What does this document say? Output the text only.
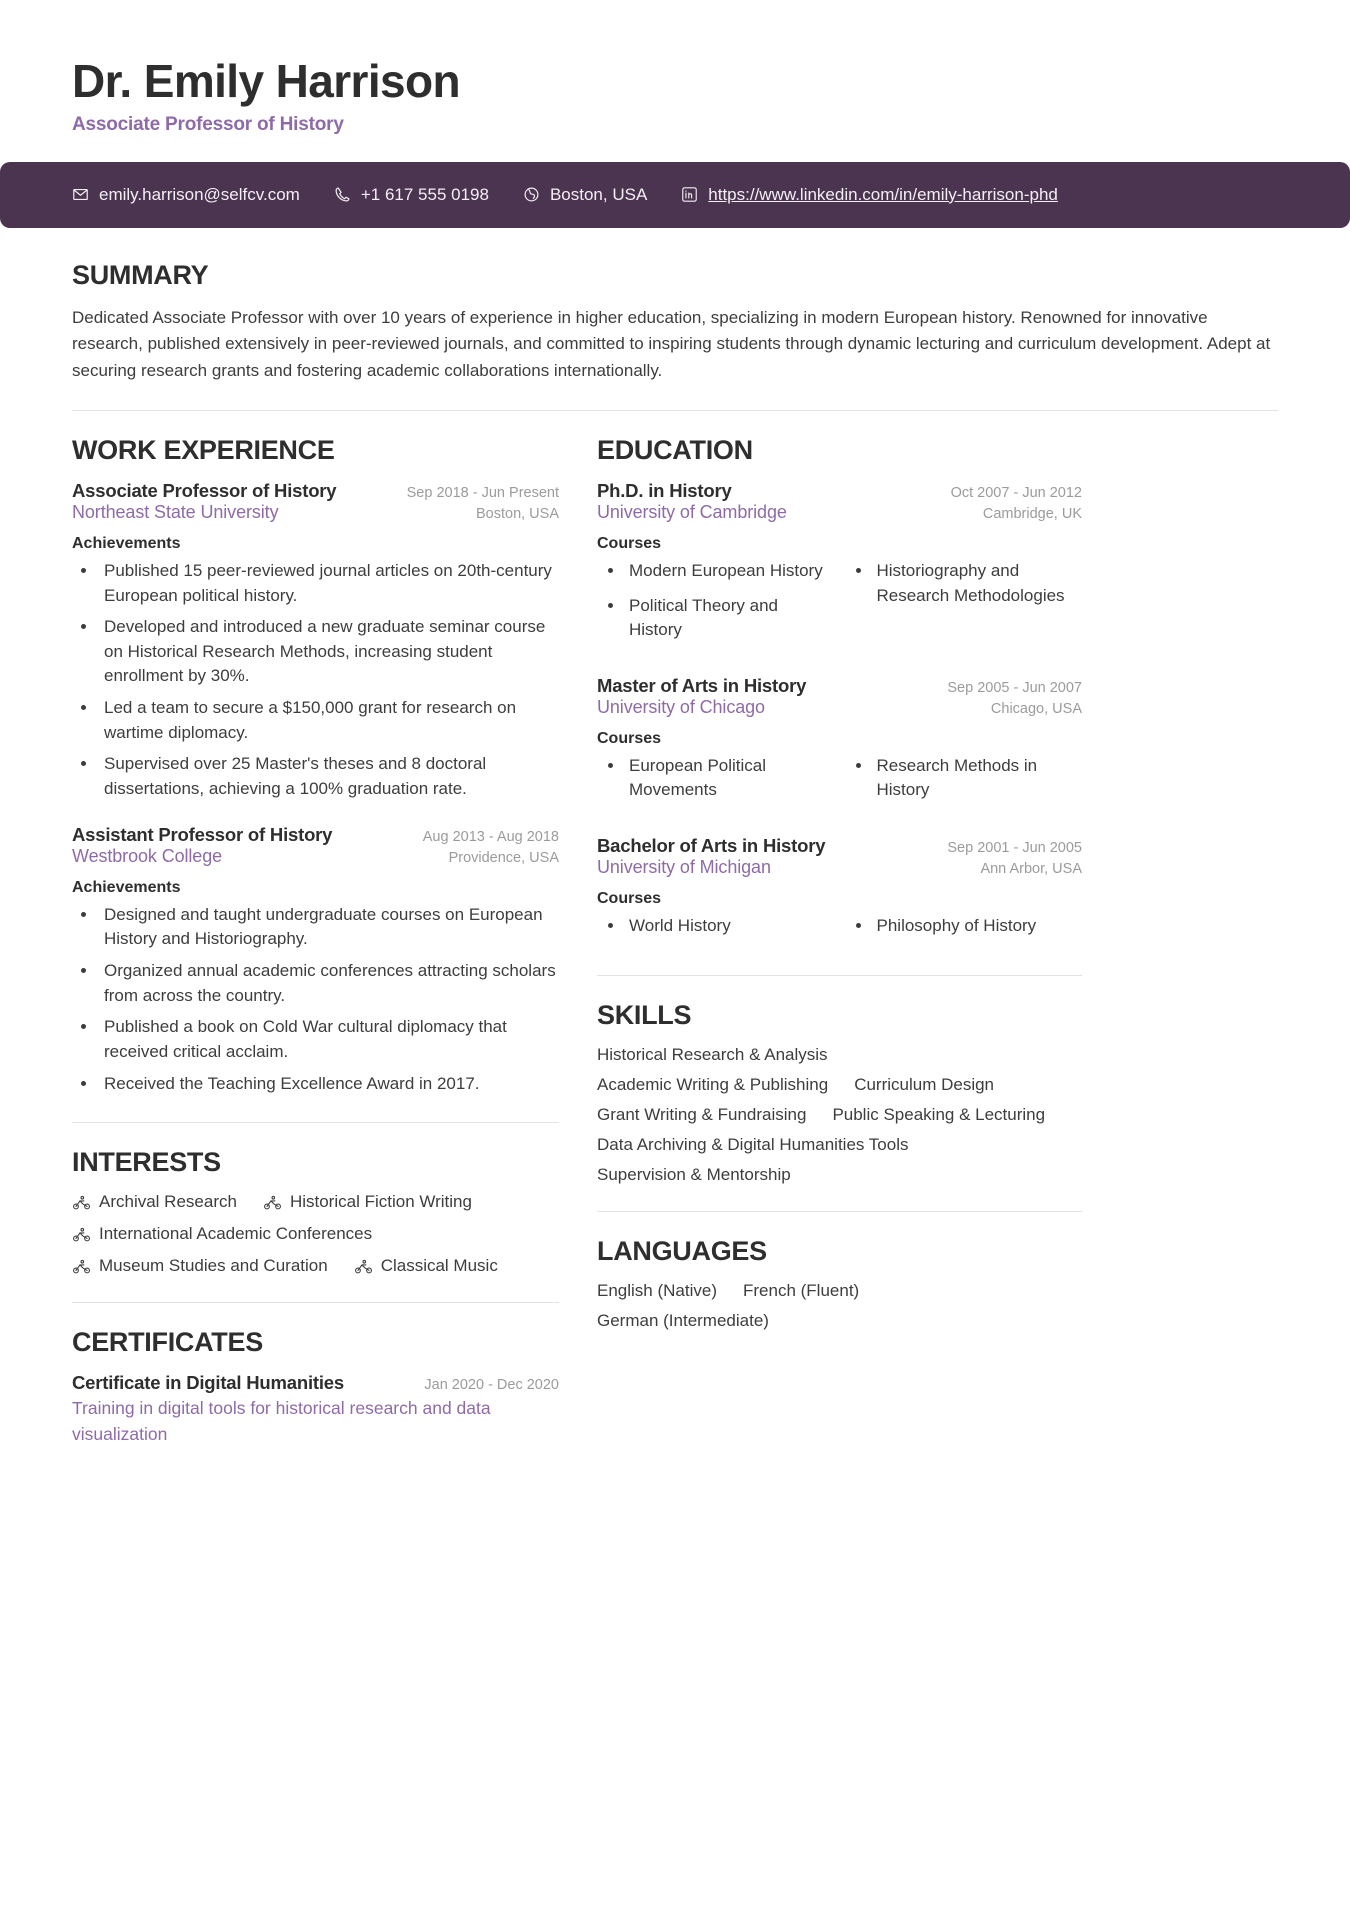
Dr. Emily Harrison

Associate Professor of History

emily.harrison@selfcv.com	+1 617 555 0198	Boston, USA	https://www.linkedin.com/in/emily-harrison-phd
SUMMARY

Dedicated Associate Professor with over 10 years of experience in higher education, specializing in modern European history. Renowned for innovative research, published extensively in peer-reviewed journals, and committed to inspiring students through dynamic lecturing and curriculum development. Adept at securing research grants and fostering academic collaborations internationally.

WORK EXPERIENCE
Associate Professor of History	Sep 2018 - Jun Present
Northeast State University	Boston, USA
Achievements
• Published 15 peer-reviewed journal articles on 20th-century European political history.
• Developed and introduced a new graduate seminar course on Historical Research Methods, increasing student enrollment by 30%.
• Led a team to secure a $150,000 grant for research on wartime diplomacy.
• Supervised over 25 Master's theses and 8 doctoral dissertations, achieving a 100% graduation rate.
Assistant Professor of History	Aug 2013 - Aug 2018
Westbrook College	Providence, USA
Achievements
• Designed and taught undergraduate courses on European History and Historiography.
• Organized annual academic conferences attracting scholars from across the country.
• Published a book on Cold War cultural diplomacy that received critical acclaim.
• Received the Teaching Excellence Award in 2017.
INTERESTS
Archival Research	Historical Fiction Writing
International Academic Conferences
Museum Studies and Curation	Classical Music
CERTIFICATES
Certificate in Digital Humanities	Jan 2020 - Dec 2020
Training in digital tools for historical research and data visualization
EDUCATION
Ph.D. in History	Oct 2007 - Jun 2012
University of Cambridge	Cambridge, UK
Courses
• Modern European History
• Political Theory and History
• Historiography and Research Methodologies
Master of Arts in History	Sep 2005 - Jun 2007
University of Chicago	Chicago, USA
Courses
• European Political Movements
• Research Methods in History
Bachelor of Arts in History	Sep 2001 - Jun 2005
University of Michigan	Ann Arbor, USA
Courses
• World History	• Philosophy of History
SKILLS
Historical Research & Analysis
Academic Writing & Publishing Curriculum Design
Grant Writing & Fundraising Public Speaking & Lecturing
Data Archiving & Digital Humanities Tools
Supervision & Mentorship
LANGUAGES
English (Native) French (Fluent)
German (Intermediate)
